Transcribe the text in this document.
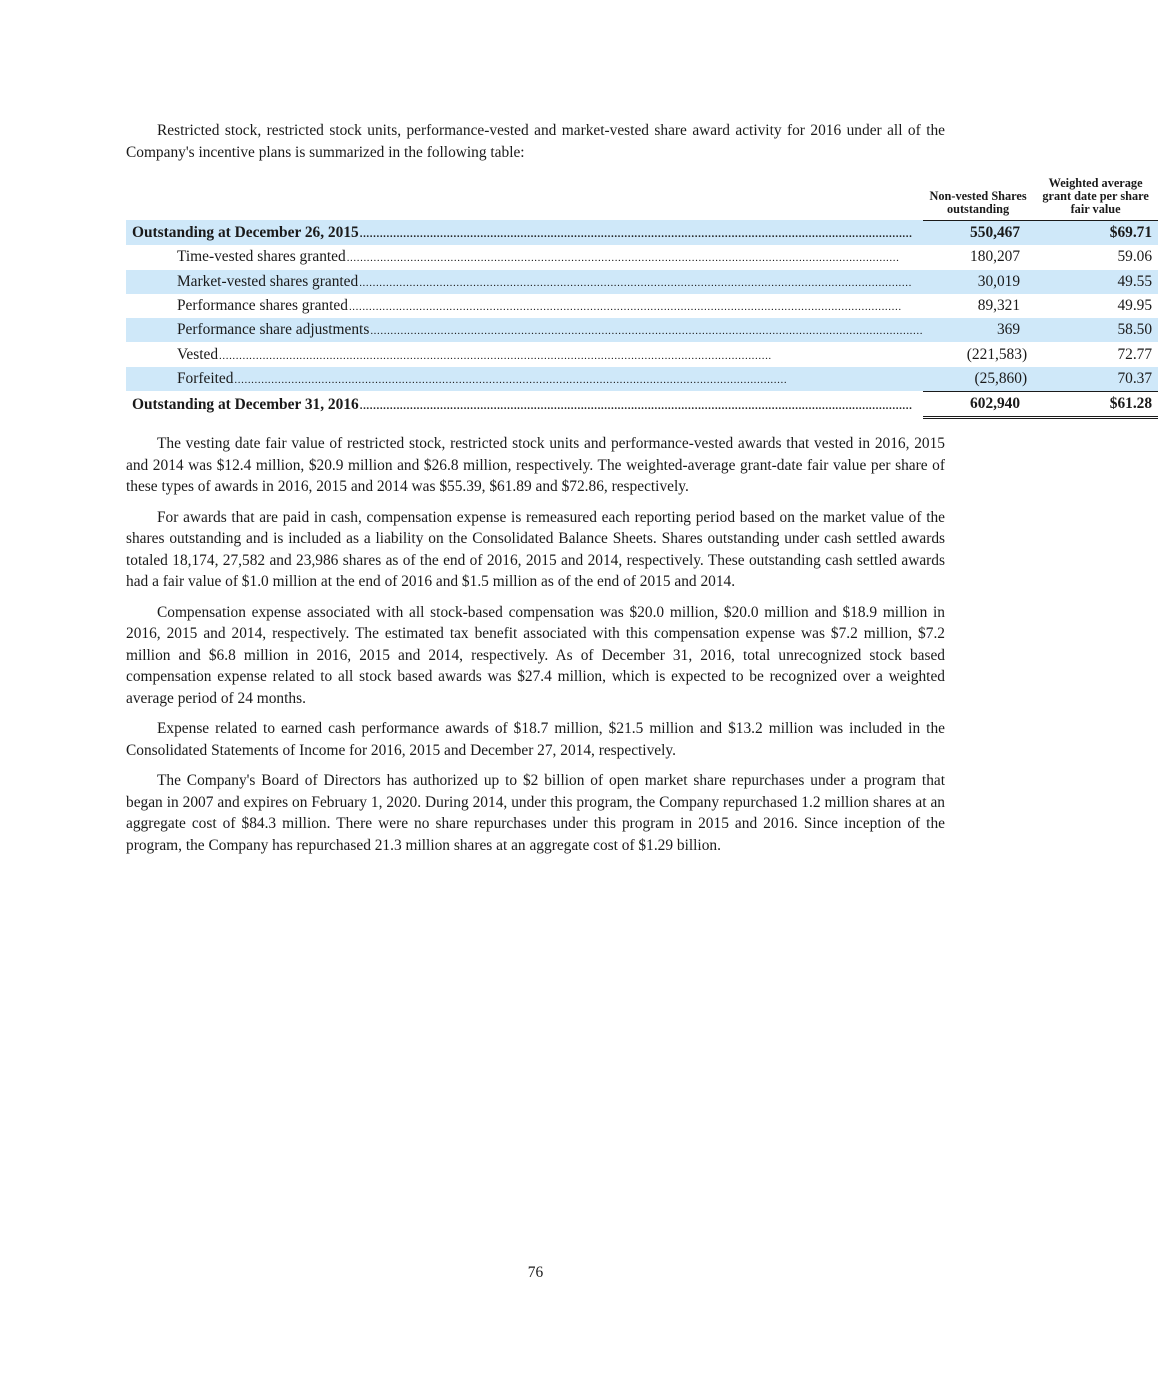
Restricted stock, restricted stock units, performance-vested and market-vested share award activity for 2016 under all of the Company's incentive plans is summarized in the following table:

		Non-vested Shares outstanding		Weighted average grant date per share fair value

Outstanding at December 26, 2015 .....................................................................................................................................................................		550,467		$69.71

Time-vested shares granted .....................................................................................................................................................................		180,207		59.06

Market-vested shares granted .....................................................................................................................................................................		30,019		49.55

Performance shares granted .....................................................................................................................................................................		89,321		49.95

Performance share adjustments .....................................................................................................................................................................		369		58.50

Vested .....................................................................................................................................................................		(221,583)		72.77

Forfeited .....................................................................................................................................................................		(25,860)		70.37

Outstanding at December 31, 2016 .....................................................................................................................................................................		602,940		$61.28

The vesting date fair value of restricted stock, restricted stock units and performance-vested awards that vested in 2016, 2015 and 2014 was $12.4 million, $20.9 million and $26.8 million, respectively. The weighted-average grant-date fair value per share of these types of awards in 2016, 2015 and 2014 was $55.39, $61.89 and $72.86, respectively.

For awards that are paid in cash, compensation expense is remeasured each reporting period based on the market value of the shares outstanding and is included as a liability on the Consolidated Balance Sheets. Shares outstanding under cash settled awards totaled 18,174, 27,582 and 23,986 shares as of the end of 2016, 2015 and 2014, respectively. These outstanding cash settled awards had a fair value of $1.0 million at the end of 2016 and $1.5 million as of the end of 2015 and 2014.

Compensation expense associated with all stock-based compensation was $20.0 million, $20.0 million and $18.9 million in 2016, 2015 and 2014, respectively. The estimated tax benefit associated with this compensation expense was $7.2 million, $7.2 million and $6.8 million in 2016, 2015 and 2014, respectively. As of December 31, 2016, total unrecognized stock based compensation expense related to all stock based awards was $27.4 million, which is expected to be recognized over a weighted average period of 24 months.

Expense related to earned cash performance awards of $18.7 million, $21.5 million and $13.2 million was included in the Consolidated Statements of Income for 2016, 2015 and December 27, 2014, respectively.

The Company's Board of Directors has authorized up to $2 billion of open market share repurchases under a program that began in 2007 and expires on February 1, 2020. During 2014, under this program, the Company repurchased 1.2 million shares at an aggregate cost of $84.3 million. There were no share repurchases under this program in 2015 and 2016. Since inception of the program, the Company has repurchased 21.3 million shares at an aggregate cost of $1.29 billion.

76
